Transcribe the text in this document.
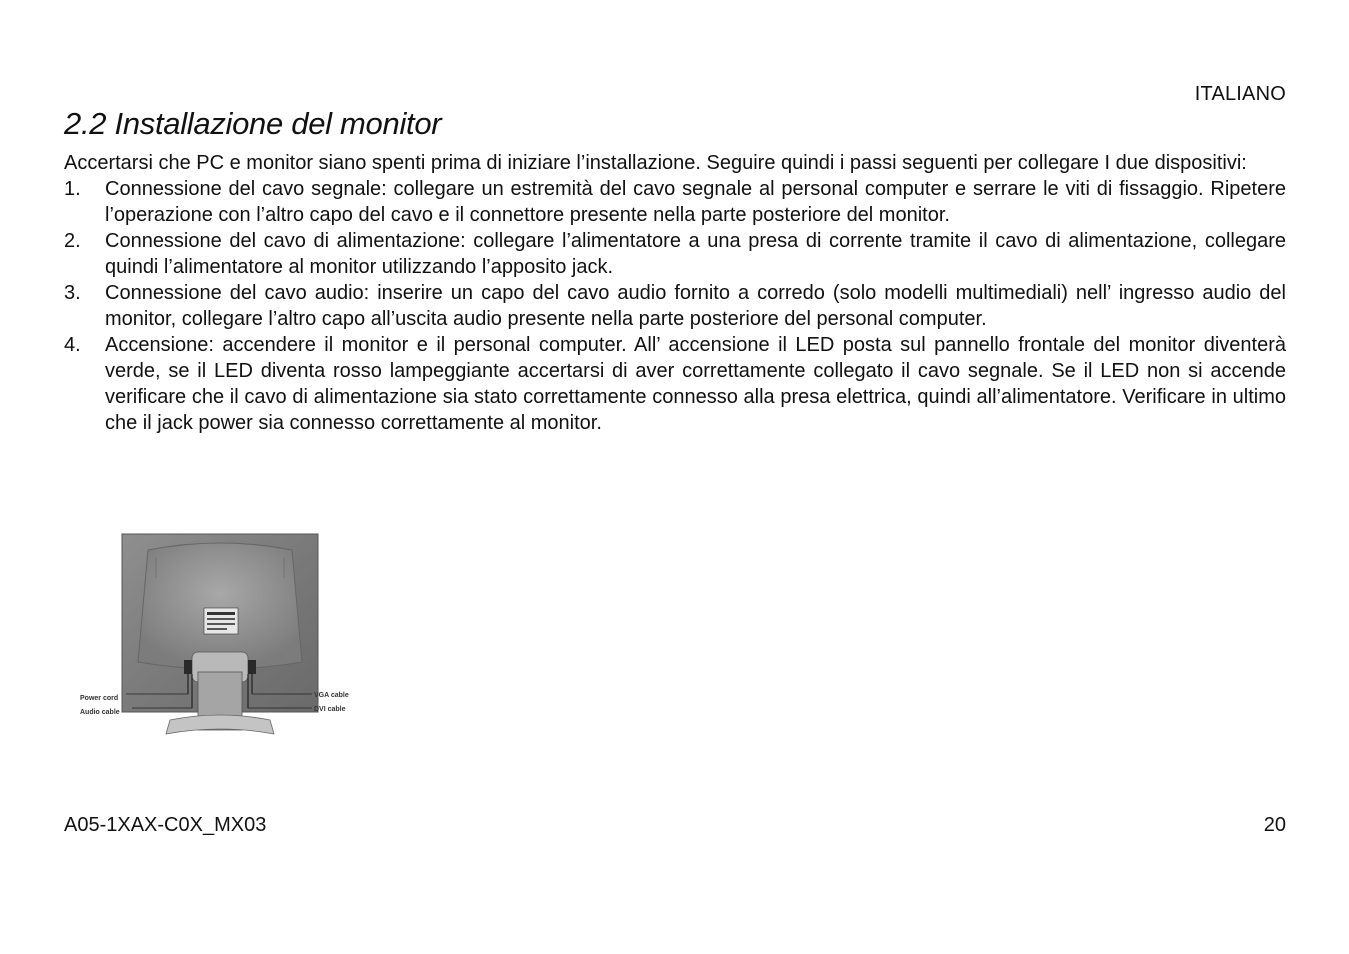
ITALIANO
2.2 Installazione del monitor

Accertarsi che PC e monitor siano spenti prima di iniziare l’installazione. Seguire quindi i passi seguenti per collegare I due dispositivi:

1. Connessione del cavo segnale: collegare un estremità del cavo segnale al personal computer e serrare le viti di fissaggio. Ripetere l’operazione con l’altro capo del cavo e il connettore presente nella parte posteriore del monitor.
2. Connessione del cavo di alimentazione: collegare l’alimentatore a una presa di corrente tramite il cavo di alimentazione, collegare quindi l’alimentatore al monitor utilizzando l’apposito jack.
3. Connessione del cavo audio: inserire un capo del cavo audio fornito a corredo (solo modelli multimediali) nell’ ingresso audio del monitor, collegare l’altro capo all’uscita audio presente nella parte posteriore del personal computer.
4. Accensione: accendere il monitor e il personal computer. All’ accensione il LED posta sul pannello frontale del monitor diventerà verde, se il LED diventa rosso lampeggiante accertarsi di aver correttamente collegato il cavo segnale. Se il LED non si accende verificare che il cavo di alimentazione sia stato correttamente connesso alla presa elettrica, quindi all’alimentatore. Verificare in ultimo che il jack power sia connesso correttamente al monitor.
Power cord
Audio cable
VGA cable
DVI cable
A05-1XAX-C0X_MX03	20
